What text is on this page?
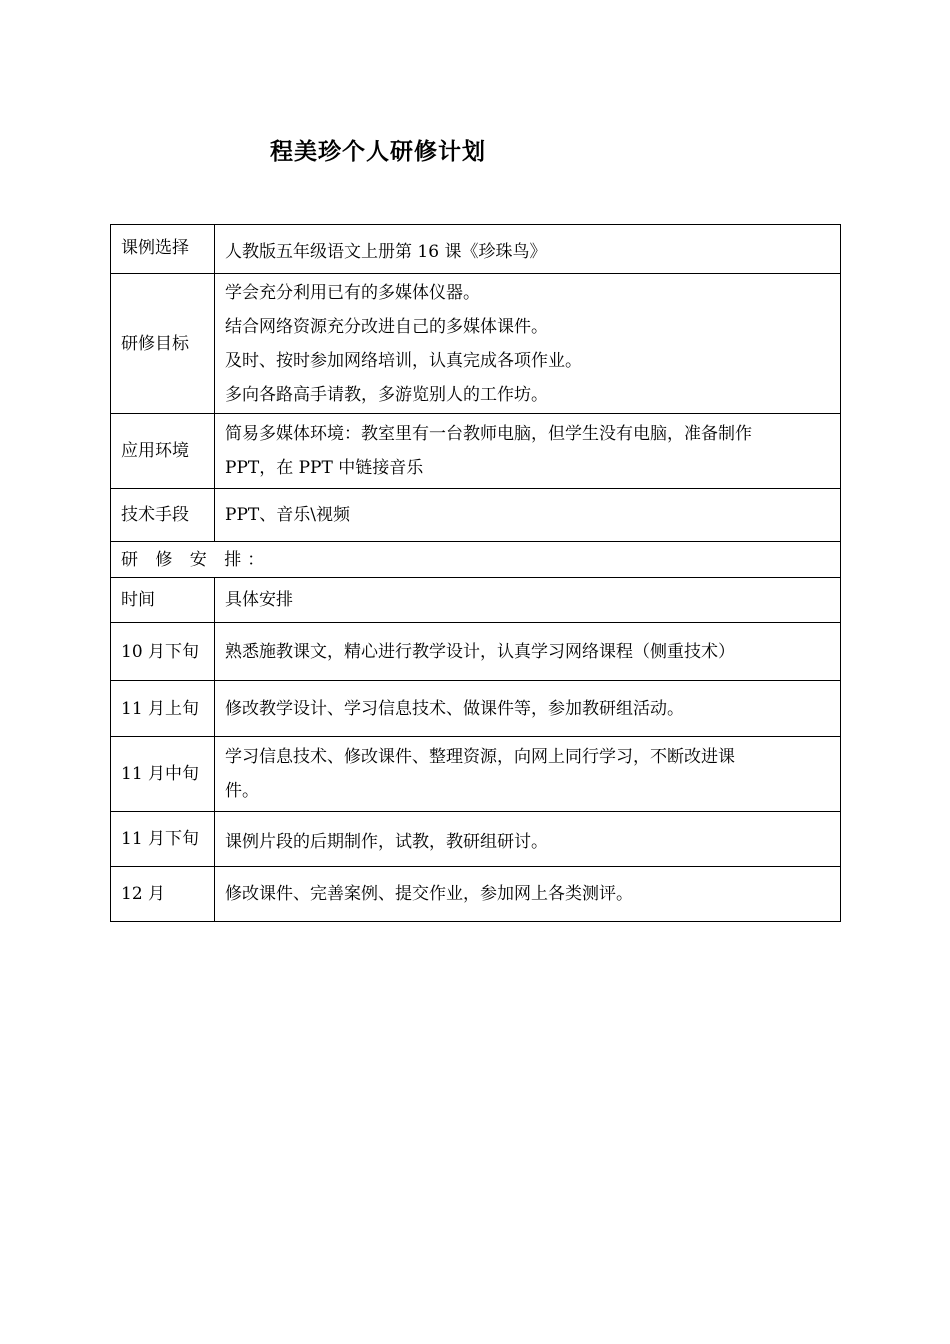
程美珍个人研修计划
课例选择	人教版五年级语文上册第 16 课《珍珠鸟》

研修目标	学会充分利用已有的多媒体仪器。
结合网络资源充分改进自己的多媒体课件。
及时、按时参加网络培训，认真完成各项作业。
多向各路高手请教，多游览别人的工作坊。

应用环境	简易多媒体环境：教室里有一台教师电脑，但学生没有电脑，准备制作
PPT，在 PPT 中链接音乐

技术手段	PPT、音乐\视频

研 修 安 排：	
时间	具体安排
10 月下旬	熟悉施教课文，精心进行教学设计，认真学习网络课程（侧重技术）

11 月上旬	修改教学设计、学习信息技术、做课件等，参加教研组活动。

11 月中旬	学习信息技术、修改课件、整理资源，向网上同行学习，不断改进课
件。

11 月下旬	课例片段的后期制作，试教，教研组研讨。

12 月	修改课件、完善案例、提交作业，参加网上各类测评。
